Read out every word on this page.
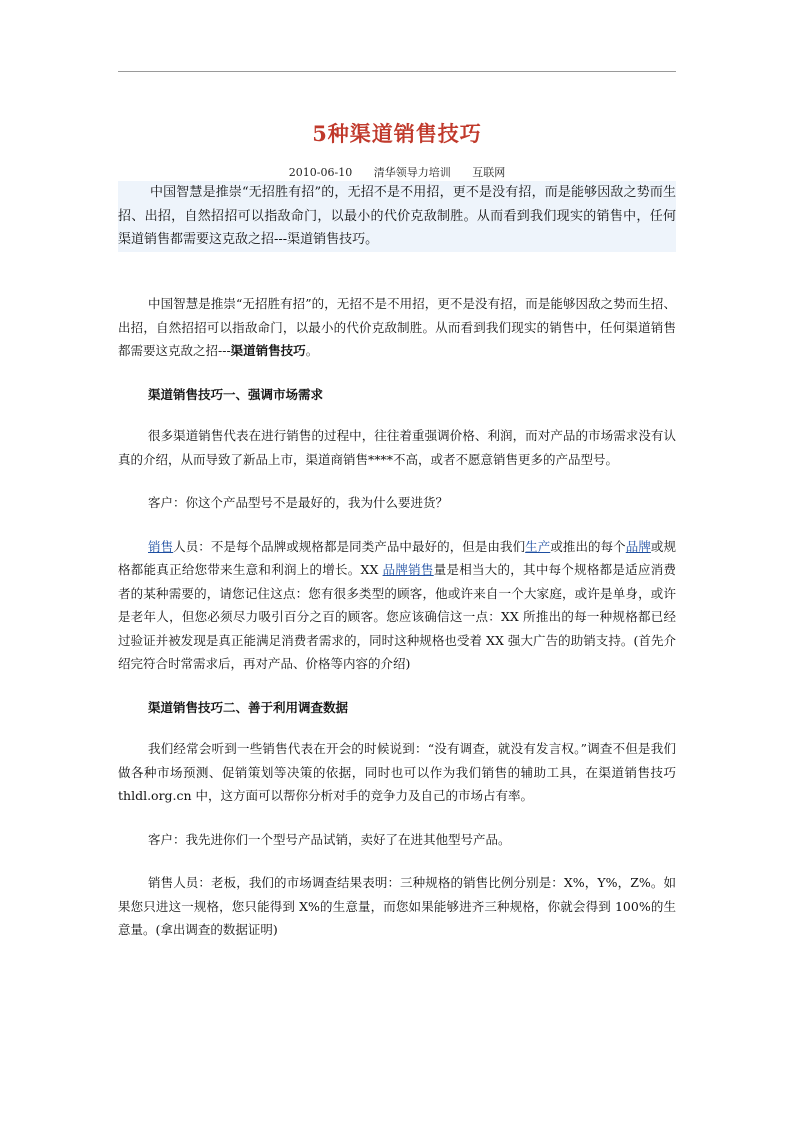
5种渠道销售技巧
2010-06-10 清华领导力培训 互联网
中国智慧是推崇“无招胜有招”的，无招不是不用招，更不是没有招，而是能够因敌之势而生招、出招，自然招招可以指敌命门，以最小的代价克敌制胜。从而看到我们现实的销售中，任何渠道销售都需要这克敌之招---渠道销售技巧。

中国智慧是推崇“无招胜有招”的，无招不是不用招，更不是没有招，而是能够因敌之势而生招、出招，自然招招可以指敌命门，以最小的代价克敌制胜。从而看到我们现实的销售中，任何渠道销售都需要这克敌之招---渠道销售技巧。

渠道销售技巧一、强调市场需求

很多渠道销售代表在进行销售的过程中，往往着重强调价格、利润，而对产品的市场需求没有认真的介绍，从而导致了新品上市，渠道商销售****不高，或者不愿意销售更多的产品型号。

客户：你这个产品型号不是最好的，我为什么要进货？

销售人员：不是每个品牌或规格都是同类产品中最好的，但是由我们生产或推出的每个品牌或规格都能真正给您带来生意和利润上的增长。XX 品牌销售量是相当大的，其中每个规格都是适应消费者的某种需要的，请您记住这点：您有很多类型的顾客，他或许来自一个大家庭，或许是单身，或许是老年人，但您必须尽力吸引百分之百的顾客。您应该确信这一点：XX 所推出的每一种规格都已经过验证并被发现是真正能满足消费者需求的，同时这种规格也受着 XX 强大广告的助销支持。(首先介绍完符合时常需求后，再对产品、价格等内容的介绍)

渠道销售技巧二、善于利用调查数据

我们经常会听到一些销售代表在开会的时候说到：“没有调查，就没有发言权。”调查不但是我们做各种市场预测、促销策划等决策的依据，同时也可以作为我们销售的辅助工具，在渠道销售技巧 thldl.org.cn 中，这方面可以帮你分析对手的竞争力及自己的市场占有率。

客户：我先进你们一个型号产品试销，卖好了在进其他型号产品。

销售人员：老板，我们的市场调查结果表明：三种规格的销售比例分别是：X%，Y%，Z%。如果您只进这一规格，您只能得到 X%的生意量，而您如果能够进齐三种规格，你就会得到 100%的生意量。(拿出调查的数据证明)
